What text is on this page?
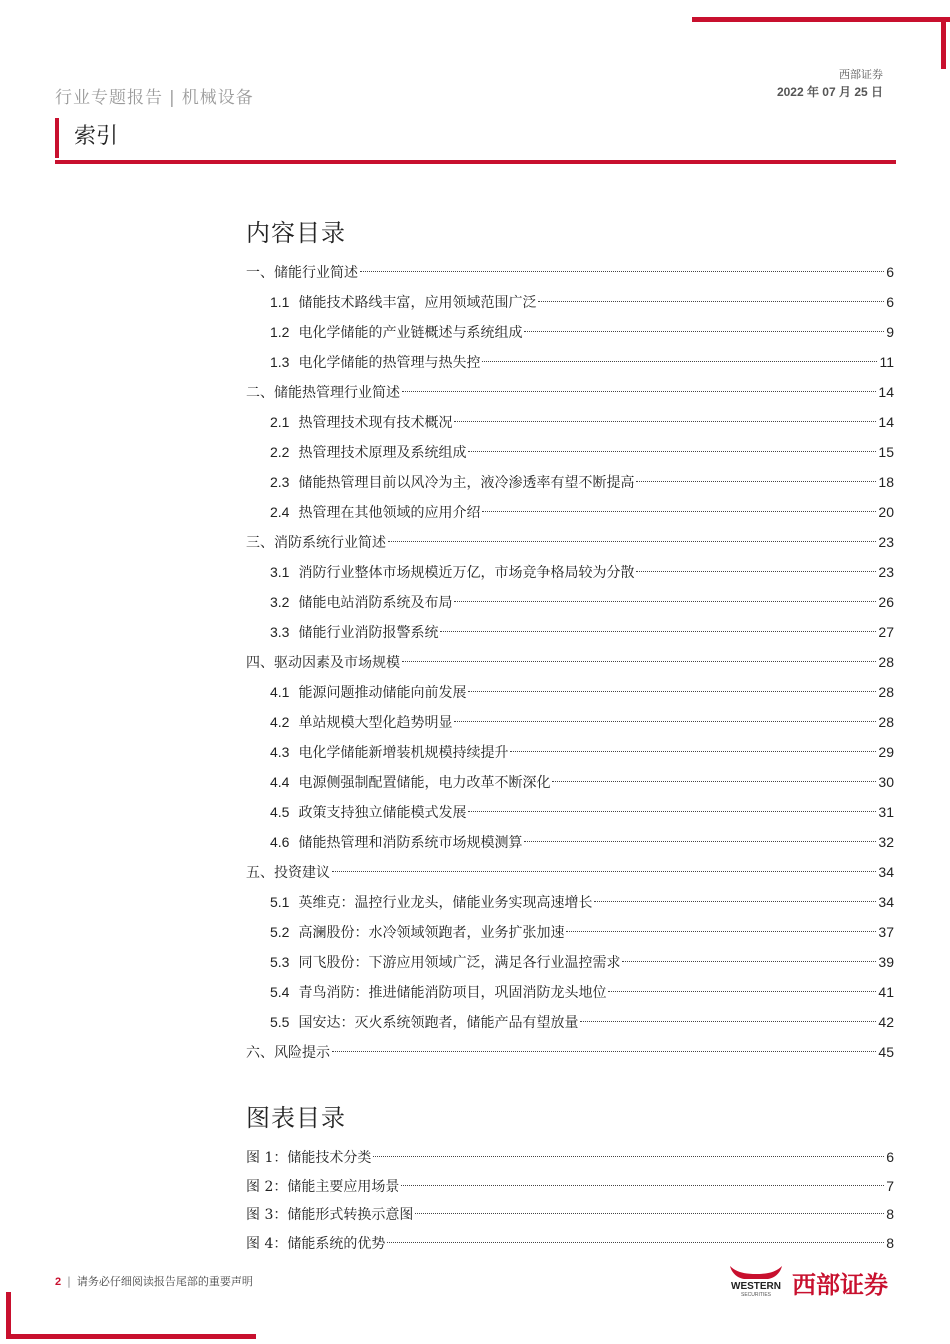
行业专题报告 | 机械设备
西部证券
2022 年 07 月 25 日
索引
内容目录
一、储能行业简述	6
1.1 储能技术路线丰富，应用领域范围广泛	6
1.2 电化学储能的产业链概述与系统组成	9
1.3 电化学储能的热管理与热失控	11
二、储能热管理行业简述	14
2.1 热管理技术现有技术概况	14
2.2 热管理技术原理及系统组成	15
2.3 储能热管理目前以风冷为主，液冷渗透率有望不断提高	18
2.4 热管理在其他领域的应用介绍	20
三、消防系统行业简述	23
3.1 消防行业整体市场规模近万亿，市场竞争格局较为分散	23
3.2 储能电站消防系统及布局	26
3.3 储能行业消防报警系统	27
四、驱动因素及市场规模	28
4.1 能源问题推动储能向前发展	28
4.2 单站规模大型化趋势明显	28
4.3 电化学储能新增装机规模持续提升	29
4.4 电源侧强制配置储能，电力改革不断深化	30
4.5 政策支持独立储能模式发展	31
4.6 储能热管理和消防系统市场规模测算	32
五、投资建议	34
5.1 英维克：温控行业龙头，储能业务实现高速增长	34
5.2 高澜股份：水冷领域领跑者，业务扩张加速	37
5.3 同飞股份：下游应用领域广泛，满足各行业温控需求	39
5.4 青鸟消防：推进储能消防项目，巩固消防龙头地位	41
5.5 国安达：灭火系统领跑者，储能产品有望放量	42
六、风险提示	45
图表目录
图 1：储能技术分类	6
图 2：储能主要应用场景	7
图 3：储能形式转换示意图	8
图 4：储能系统的优势	8
2 | 请务必仔细阅读报告尾部的重要声明	WESTERN
SECURITIES 西部证券
